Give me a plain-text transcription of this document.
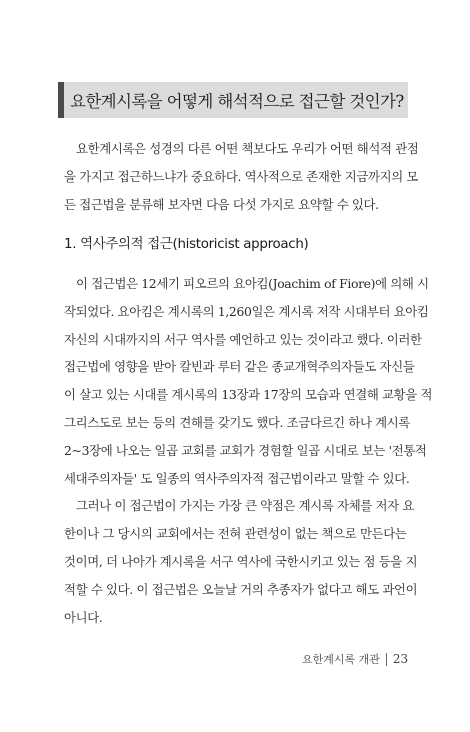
요한계시록을 어떻게 해석적으로 접근할 것인가?
요한계시록은 성경의 다른 어떤 책보다도 우리가 어떤 해석적 관점
을 가지고 접근하느냐가 중요하다. 역사적으로 존재한 지금까지의 모
든 접근법을 분류해 보자면 다음 다섯 가지로 요약할 수 있다.
1. 역사주의적 접근(historicist approach)
이 접근법은 12세기 피오르의 요아킴(Joachim of Fiore)에 의해 시
작되었다. 요아킴은 계시록의 1,260일은 계시록 저작 시대부터 요아킴
자신의 시대까지의 서구 역사를 예언하고 있는 것이라고 했다. 이러한
접근법에 영향을 받아 칼빈과 루터 같은 종교개혁주의자들도 자신들
이 살고 있는 시대를 계시록의 13장과 17장의 모습과 연결해 교황을 적
그리스도로 보는 등의 견해를 갖기도 했다. 조금다르긴 하나 계시록
2~3장에 나오는 일곱 교회를 교회가 경험할 일곱 시대로 보는 '전통적
세대주의자들' 도 일종의 역사주의자적 접근법이라고 말할 수 있다.
그러나 이 접근법이 가지는 가장 큰 약점은 계시록 자체를 저자 요
한이나 그 당시의 교회에서는 전혀 관련성이 없는 책으로 만든다는
것이며, 더 나아가 계시록을 서구 역사에 국한시키고 있는 점 등을 지
적할 수 있다. 이 접근법은 오늘날 거의 추종자가 없다고 해도 과언이
아니다.
요한계시록 개관 23
